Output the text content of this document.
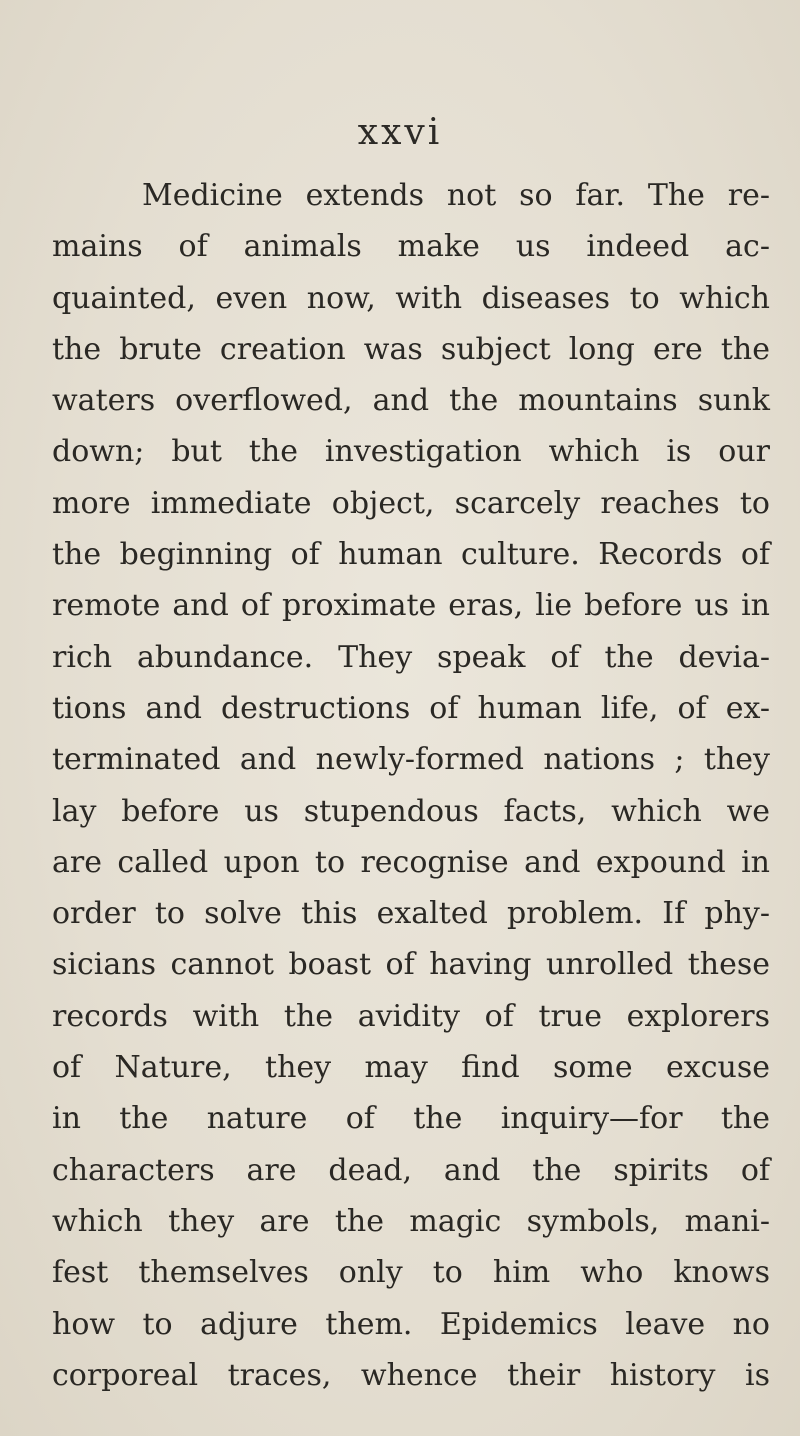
xxvi
Medicine extends not so far. The re-
mains of animals make us indeed ac-
quainted, even now, with diseases to which
the brute creation was subject long ere the
waters overflowed, and the mountains sunk
down; but the investigation which is our
more immediate object, scarcely reaches to
the beginning of human culture. Records of
remote and of proximate eras, lie before us in
rich abundance. They speak of the devia-
tions and destructions of human life, of ex-
terminated and newly-formed nations ; they
lay before us stupendous facts, which we
are called upon to recognise and expound in
order to solve this exalted problem. If phy-
sicians cannot boast of having unrolled these
records with the avidity of true explorers
of Nature, they may find some excuse
in the nature of the inquiry—for the
characters are dead, and the spirits of
which they are the magic symbols, mani-
fest themselves only to him who knows
how to adjure them. Epidemics leave no
corporeal traces, whence their history is
